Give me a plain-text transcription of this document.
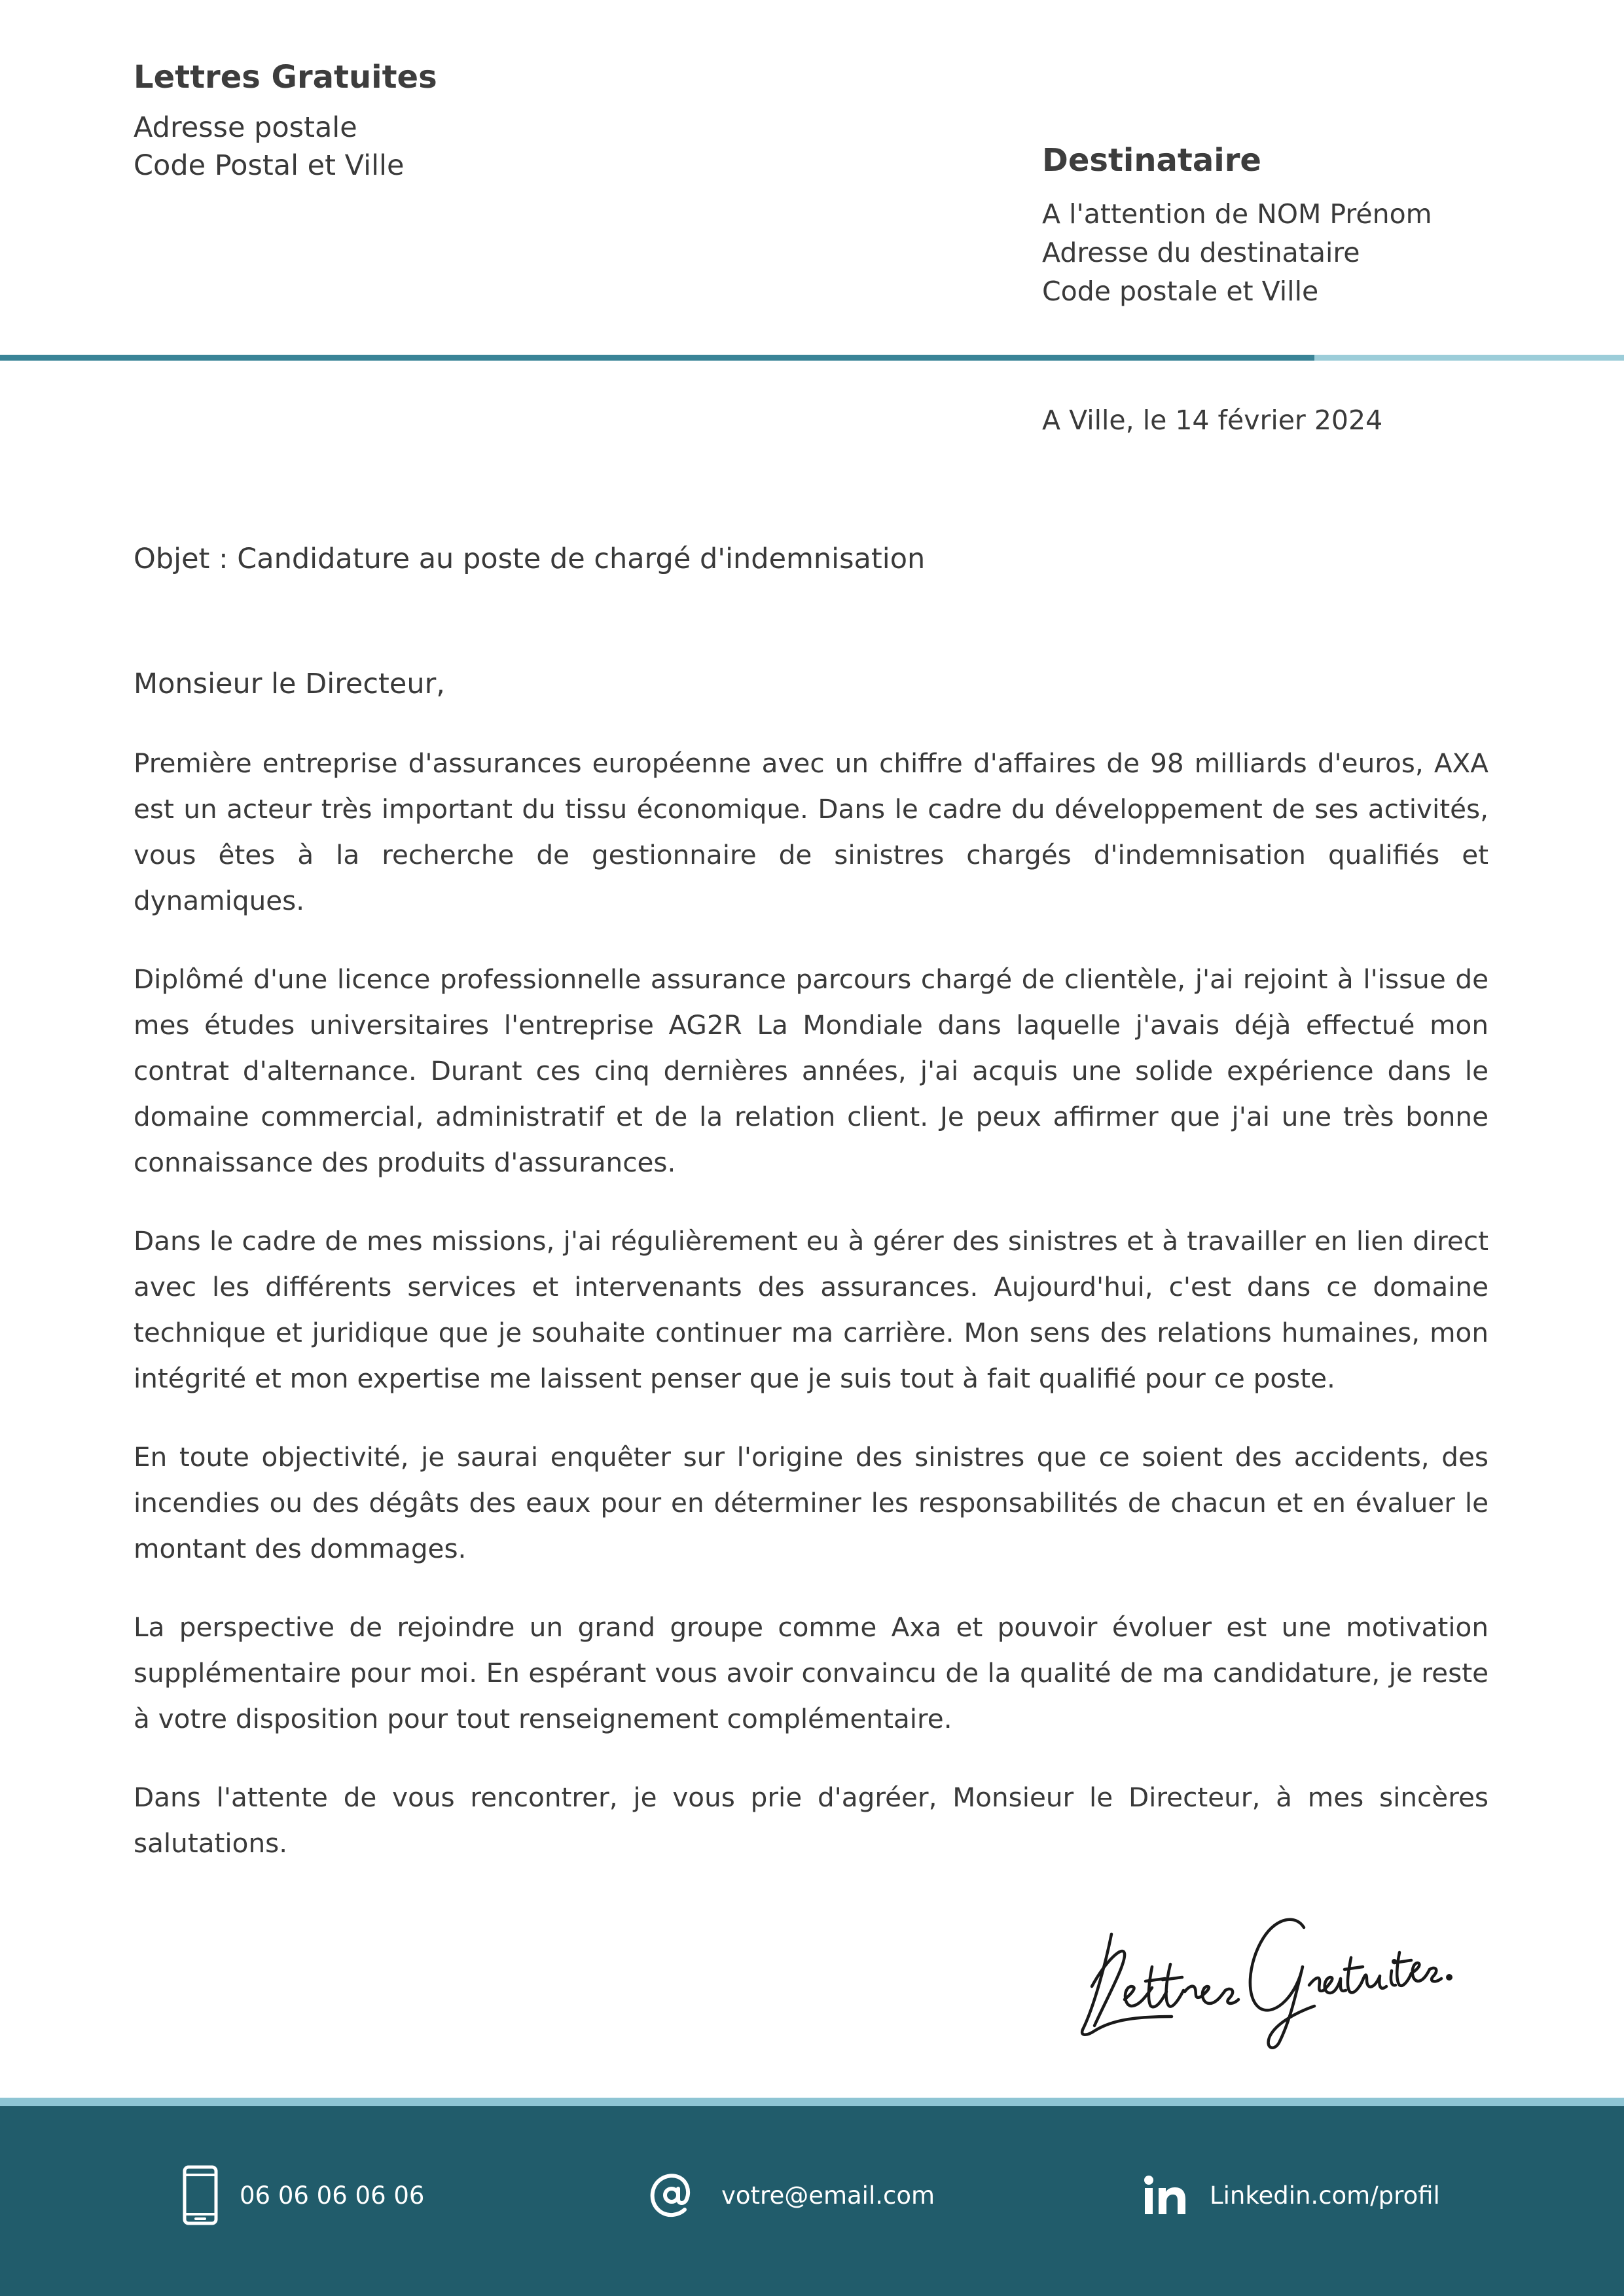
Lettres Gratuites
Adresse postale
Code Postal et Ville	Destinataire
A l'attention de NOM Prénom
Adresse du destinataire
Code postale et Ville
A Ville, le 14 février 2024
Objet : Candidature au poste de chargé d'indemnisation
Monsieur le Directeur,

Première entreprise d'assurances européenne avec un chiffre d'affaires de 98 milliards d'euros, AXA est un acteur très important du tissu économique. Dans le cadre du développement de ses activités, vous êtes à la recherche de gestionnaire de sinistres chargés d'indemnisation qualifiés et dynamiques.

Diplômé d'une licence professionnelle assurance parcours chargé de clientèle, j'ai rejoint à l'issue de mes études universitaires l'entreprise AG2R La Mondiale dans laquelle j'avais déjà effectué mon contrat d'alternance. Durant ces cinq dernières années, j'ai acquis une solide expérience dans le domaine commercial, administratif et de la relation client. Je peux affirmer que j'ai une très bonne connaissance des produits d'assurances.

Dans le cadre de mes missions, j'ai régulièrement eu à gérer des sinistres et à travailler en lien direct avec les différents services et intervenants des assurances. Aujourd'hui, c'est dans ce domaine technique et juridique que je souhaite continuer ma carrière. Mon sens des relations humaines, mon intégrité et mon expertise me laissent penser que je suis tout à fait qualifié pour ce poste.

En toute objectivité, je saurai enquêter sur l'origine des sinistres que ce soient des accidents, des incendies ou des dégâts des eaux pour en déterminer les responsabilités de chacun et en évaluer le montant des dommages.

La perspective de rejoindre un grand groupe comme Axa et pouvoir évoluer est une motivation supplémentaire pour moi. En espérant vous avoir convaincu de la qualité de ma candidature, je reste à votre disposition pour tout renseignement complémentaire.

Dans l'attente de vous rencontrer, je vous prie d'agréer, Monsieur le Directeur, à mes sincères salutations.

06 06 06 06 06	votre@email.com	Linkedin.com/profil
